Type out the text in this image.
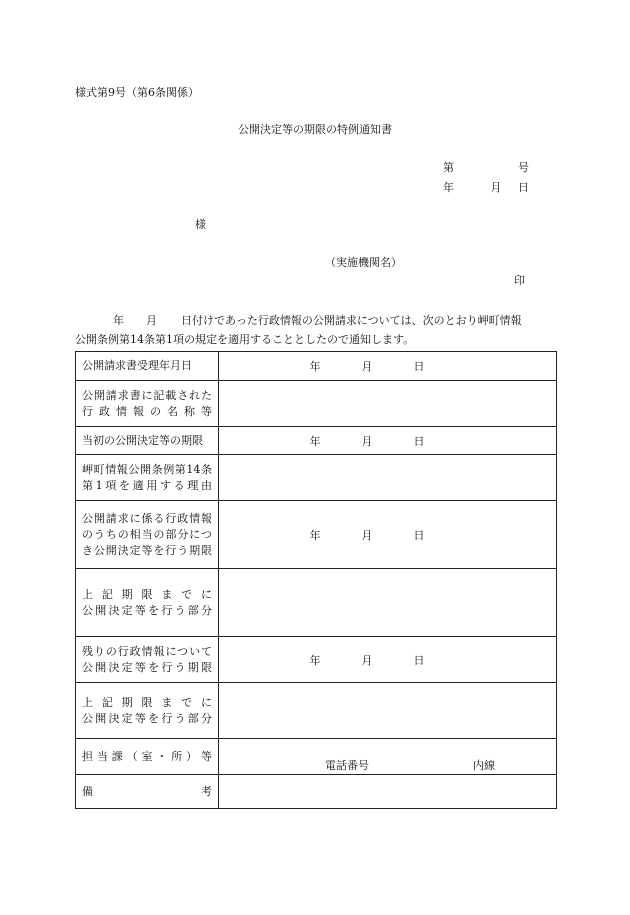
様式第9号（第6条関係）
公開決定等の期限の特例通知書
第	号
年	月 日
様
（実施機関名）
印
年 月 日付けであった行政情報の公開請求については、次のとおり岬町情報
公開条例第14条第1項の規定を適用することとしたので通知します。
公開請求書受理年月日	年 月 日

公開請求書に記載された
行政情報の名称等	

当初の公開決定等の期限	年 月 日

岬町情報公開条例第14条
第1項を適用する理由	

公開請求に係る行政情報
のうちの相当の部分につ
き公開決定等を行う期限	年 月 日

上記期限までに
公開決定等を行う部分	

残りの行政情報について
公開決定等を行う期限	年 月 日

上記期限までに
公開決定等を行う部分	

担当課（室・所）等	電話番号 内線

備 考	
